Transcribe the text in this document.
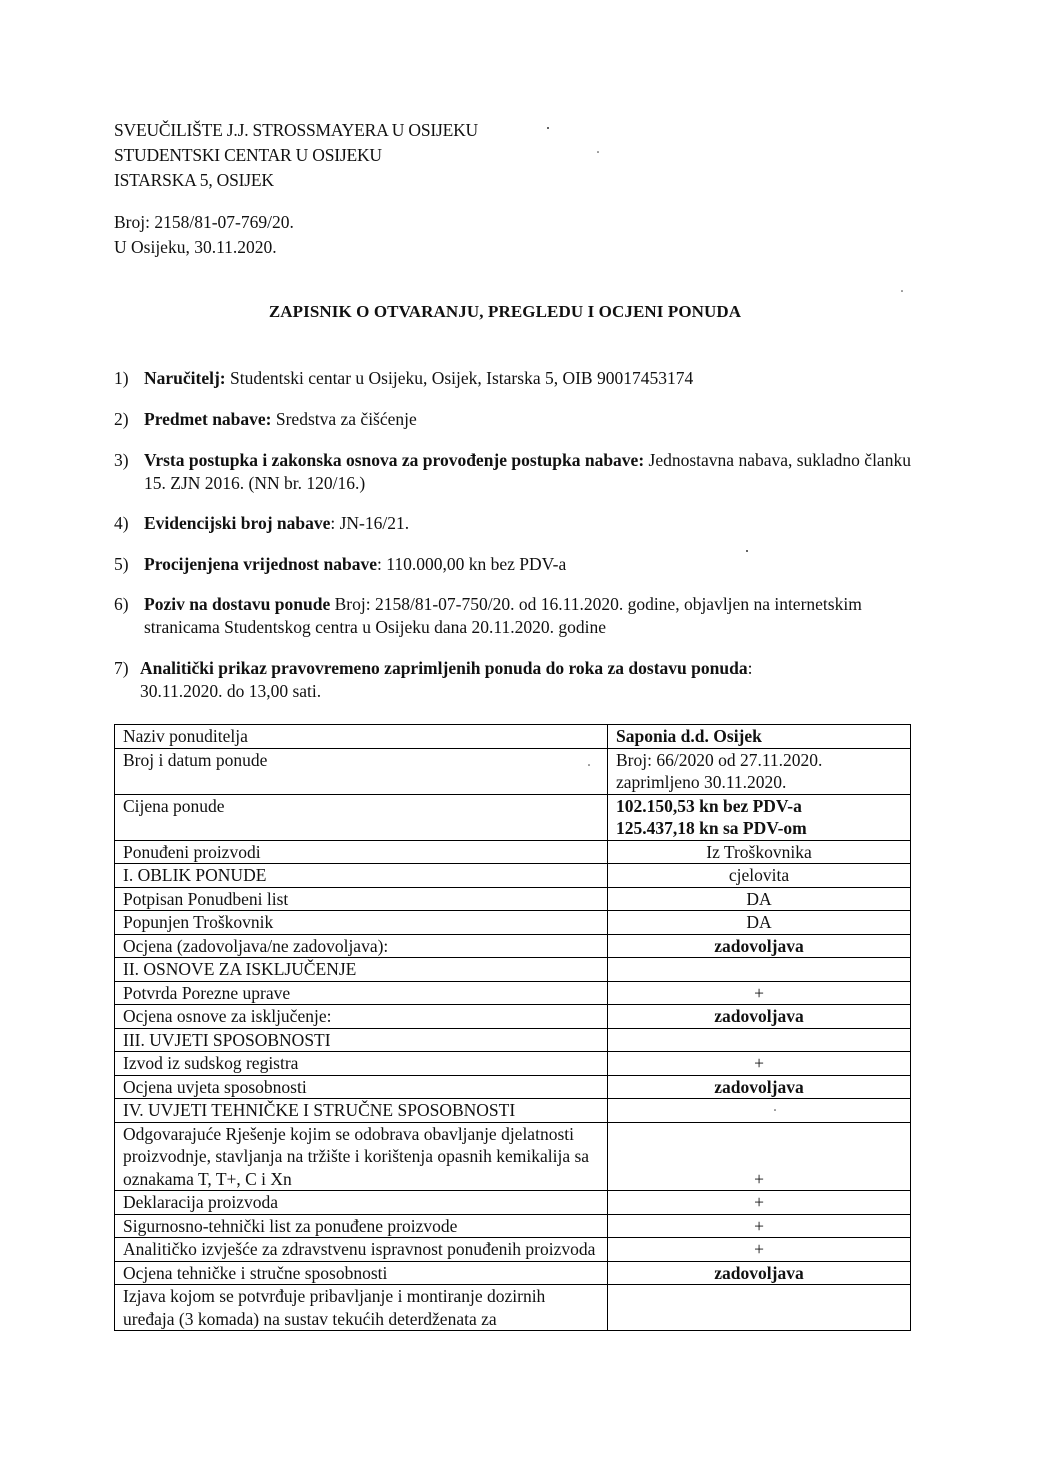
SVEUČILIŠTE J.J. STROSSMAYERA U OSIJEKU
STUDENTSKI CENTAR U OSIJEKU
ISTARSKA 5, OSIJEK
Broj: 2158/81-07-769/20.
U Osijeku, 30.11.2020.
ZAPISNIK O OTVARANJU, PREGLEDU I OCJENI PONUDA
1) Naručitelj: Studentski centar u Osijeku, Osijek, Istarska 5, OIB 90017453174
2) Predmet nabave: Sredstva za čišćenje
3) Vrsta postupka i zakonska osnova za provođenje postupka nabave: Jednostavna nabava, sukladno članku 15. ZJN 2016. (NN br. 120/16.)
4) Evidencijski broj nabave: JN-16/21.
5) Procijenjena vrijednost nabave: 110.000,00 kn bez PDV-a
6) Poziv na dostavu ponude Broj: 2158/81-07-750/20. od 16.11.2020. godine, objavljen na internetskim stranicama Studentskog centra u Osijeku dana 20.11.2020. godine
7) Analitički prikaz pravovremeno zaprimljenih ponuda do roka za dostavu ponuda:
30.11.2020. do 13,00 sati.
Naziv ponuditelja	Saponia d.d. Osijek
Broj i datum ponude	Broj: 66/2020 od 27.11.2020.
zaprimljeno 30.11.2020.
Cijena ponude	102.150,53 kn bez PDV-a
125.437,18 kn sa PDV-om
Ponuđeni proizvodi	Iz Troškovnika
I. OBLIK PONUDE	cjelovita
Potpisan Ponudbeni list	DA
Popunjen Troškovnik	DA
Ocjena (zadovoljava/ne zadovoljava):	zadovoljava
II. OSNOVE ZA ISKLJUČENJE	
Potvrda Porezne uprave	+
Ocjena osnove za isključenje:	zadovoljava
III. UVJETI SPOSOBNOSTI	
Izvod iz sudskog registra	+
Ocjena uvjeta sposobnosti	zadovoljava
IV. UVJETI TEHNIČKE I STRUČNE SPOSOBNOSTI	
Odgovarajuće Rješenje kojim se odobrava obavljanje djelatnosti proizvodnje, stavljanja na tržište i korištenja opasnih kemikalija sa oznakama T, T+, C i Xn	+
Deklaracija proizvoda	+
Sigurnosno-tehnički list za ponuđene proizvode	+
Analitičko izvješće za zdravstvenu ispravnost ponuđenih proizvoda	+
Ocjena tehničke i stručne sposobnosti	zadovoljava
Izjava kojom se potvrđuje pribavljanje i montiranje dozirnih uređaja (3 komada) na sustav tekućih deterdženata za	
